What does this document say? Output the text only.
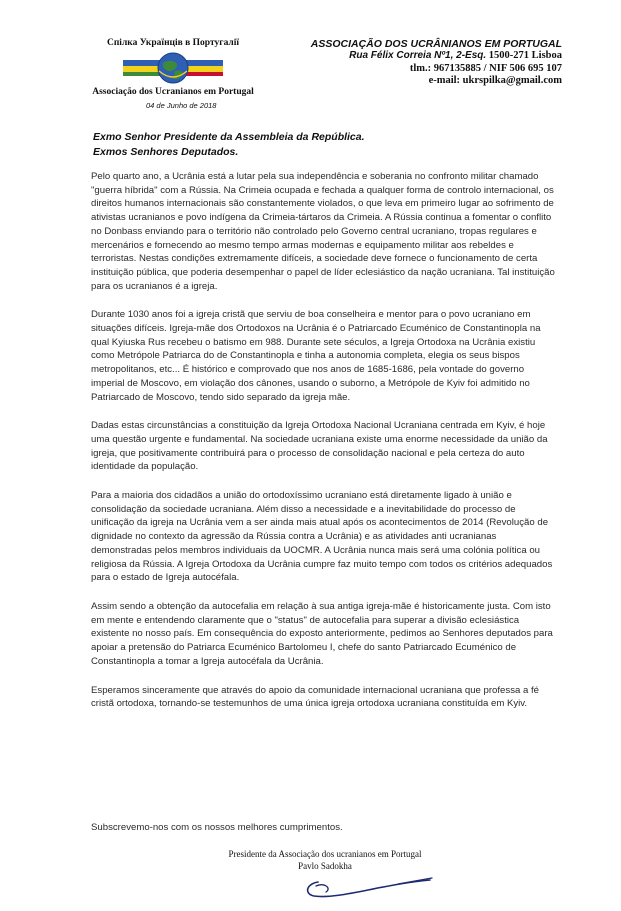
Спілка Українців в Португалії
Associação dos Ucranianos em Portugal
04 de Junho de 2018
ASSOCIAÇÃO DOS UCRÂNIANOS EM PORTUGAL
Rua Félix Correia Nº1, 2-Esq. 1500-271 Lisboa
tlm.: 967135885 / NIF 506 695 107
e-mail: ukrspilka@gmail.com
Exmo Senhor Presidente da Assembleia da República.
Exmos Senhores Deputados.

Pelo quarto ano, a Ucrânia está a lutar pela sua independência e soberania no confronto militar chamado "guerra híbrida" com a Rússia. Na Crimeia ocupada e fechada a qualquer forma de controlo internacional, os direitos humanos internacionais são constantemente violados, o que leva em primeiro lugar ao sofrimento de ativistas ucranianos e povo indígena da Crimeia-tártaros da Crimeia. A Rússia continua a fomentar o conflito no Donbass enviando para o território não controlado pelo Governo central ucraniano, tropas regulares e mercenários e fornecendo ao mesmo tempo armas modernas e equipamento militar aos rebeldes e terroristas. Nestas condições extremamente difíceis, a sociedade deve fornece o funcionamento de certa instituição pública, que poderia desempenhar o papel de líder eclesiástico da nação ucraniana. Tal instituição para os ucranianos é a igreja.

Durante 1030 anos foi a igreja cristã que serviu de boa conselheira e mentor para o povo ucraniano em situações difíceis. Igreja-mãe dos Ortodoxos na Ucrânia é o Patriarcado Ecuménico de Constantinopla na qual Kyiuska Rus recebeu o batismo em 988. Durante sete séculos, a Igreja Ortodoxa na Ucrânia existiu como Metrópole Patriarca do de Constantinopla e tinha a autonomia completa, elegia os seus bispos metropolitanos, etc... É histórico e comprovado que nos anos de 1685-1686, pela vontade do governo imperial de Moscovo, em violação dos cânones, usando o suborno, a Metrópole de Kyiv foi admitido no Patriarcado de Moscovo, tendo sido separado da igreja mãe.

Dadas estas circunstâncias a constituição da Igreja Ortodoxa Nacional Ucraniana centrada em Kyiv, é hoje uma questão urgente e fundamental. Na sociedade ucraniana existe uma enorme necessidade da união da igreja, que positivamente contribuirá para o processo de consolidação nacional e pela certeza do auto identidade da população.

Para a maioria dos cidadãos a união do ortodoxíssimo ucraniano está diretamente ligado à união e consolidação da sociedade ucraniana. Além disso a necessidade e a inevitabilidade do processo de unificação da igreja na Ucrânia vem a ser ainda mais atual após os acontecimentos de 2014 (Revolução de dignidade no contexto da agressão da Rússia contra a Ucrânia) e as atividades anti ucranianas demonstradas pelos membros individuais da UOCMR. A Ucrânia nunca mais será uma colónia política ou religiosa da Rússia. A Igreja Ortodoxa da Ucrânia cumpre faz muito tempo com todos os critérios adequados para o estado de Igreja autocéfala.

Assim sendo a obtenção da autocefalia em relação à sua antiga igreja-mãe é historicamente justa. Com isto em mente e entendendo claramente que o "status" de autocefalia para superar a divisão eclesiástica existente no nosso país. Em consequência do exposto anteriormente, pedimos ao Senhores deputados para apoiar a pretensão do Patriarca Ecuménico Bartolomeu I, chefe do santo Patriarcado Ecuménico de Constantinopla a tomar a Igreja autocéfala da Ucrânia.

Esperamos sinceramente que através do apoio da comunidade internacional ucraniana que professa a fé cristã ortodoxa, tornando-se testemunhos de uma única igreja ortodoxa ucraniana constituída em Kyiv.

Subscrevemo-nos com os nossos melhores cumprimentos.
Presidente da Associação dos ucranianos em Portugal
Pavlo Sadokha
